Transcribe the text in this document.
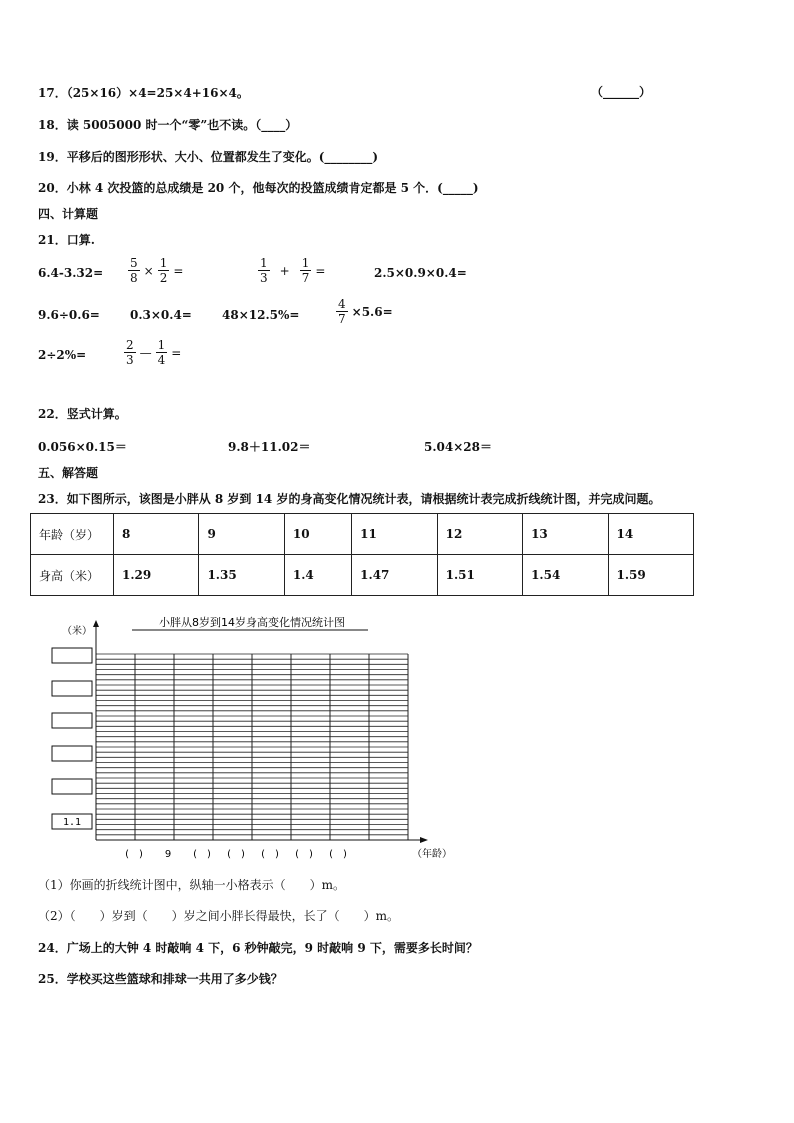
17．（25×16）×4=25×4+16×4。	（______）
18．读 5005000 时一个“零”也不读。（____）
19．平移后的图形形状、大小、位置都发生了变化。(________)
20．小林 4 次投篮的总成绩是 20 个，他每次的投篮成绩肯定都是 5 个．(_____)
四、计算题
21．口算.
$6.4-3.32= \frac{5}{8} \times \frac{1}{2}$ =	$\frac{1}{3} + \frac{1}{7}$ =	2.5×0.9×0.4=
9.6÷0.6=	0.3×0.4=	48×12.5%=	$\frac{4}{7} \times 5.6=$
2÷2%=	$\frac{2}{3}$ — $\frac{1}{4}$ =
22．竖式计算。
0.056×0.15＝	9.8＋11.02＝	5.04×28＝
五、解答题
23．如下图所示，该图是小胖从 8 岁到 14 岁的身高变化情况统计表，请根据统计表完成折线统计图，并完成问题。
年龄（岁）	8	9	10	11	12	13	14
身高（米）	1.29	1.35	1.4	1.47	1.51	1.54	1.59
小胖从8岁到14岁身高变化情况统计图
（米）
1.1
(　) 9 (　) (　) (　) (　) (　)	（年龄）
（1）你画的折线统计图中，纵轴一小格表示（　　）m。
（2）（　　）岁到（　　）岁之间小胖长得最快，长了（　　）m。
24．广场上的大钟 4 时敲响 4 下，6 秒钟敲完，9 时敲响 9 下，需要多长时间？
25．学校买这些篮球和排球一共用了多少钱？
